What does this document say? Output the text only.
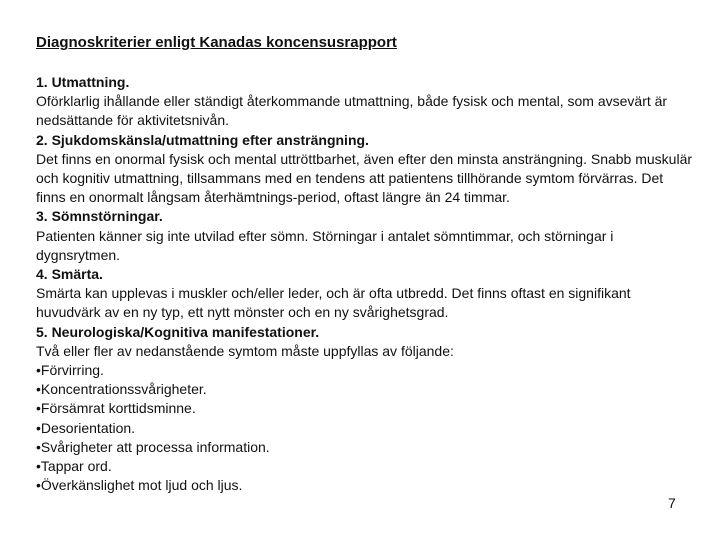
Diagnoskriterier enligt Kanadas koncensusrapport
1. Utmattning.
Oförklarlig ihållande eller ständigt återkommande utmattning, både fysisk och mental, som avsevärt är nedsättande för aktivitetsnivån.
2. Sjukdomskänsla/utmattning efter ansträngning.
Det finns en onormal fysisk och mental uttröttbarhet, även efter den minsta ansträngning. Snabb muskulär och kognitiv utmattning, tillsammans med en tendens att patientens tillhörande symtom förvärras. Det finns en onormalt långsam återhämtnings-period, oftast längre än 24 timmar.
3. Sömnstörningar.
Patienten känner sig inte utvilad efter sömn. Störningar i antalet sömntimmar, och störningar i dygnsrytmen.
4. Smärta.
Smärta kan upplevas i muskler och/eller leder, och är ofta utbredd. Det finns oftast en signifikant huvudvärk av en ny typ, ett nytt mönster och en ny svårighetsgrad.
5. Neurologiska/Kognitiva manifestationer.
Två eller fler av nedanstående symtom måste uppfyllas av följande:
•Förvirring.
•Koncentrationssvårigheter.
•Försämrat korttidsminne.
•Desorientation.
•Svårigheter att processa information.
•Tappar ord.
•Överkänslighet mot ljud och ljus.
7
